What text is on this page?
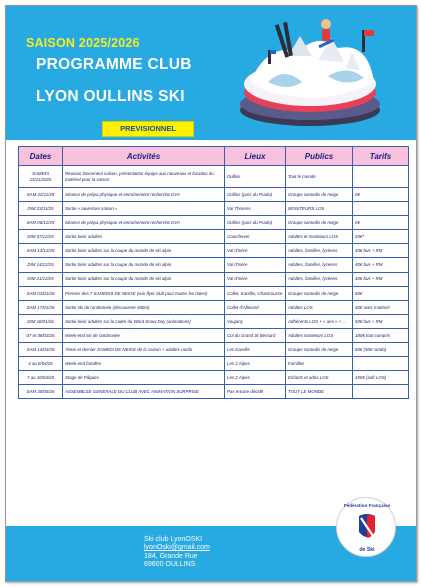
SAISON 2025/2026
PROGRAMME CLUB
LYON OULLINS SKI
PREVISIONNEL
Dates	Activités	Lieux	Publics	Tarifs
SAMEDI 15/11/2025	Réunion lancement saison, présentation équipe aux nouveaux et location du matériel pour la saison	Oullins	Tout le monde	
SAM 22/11/25	Séance de prépa physique et entraînement recherche DVA	Oullins (parc du Prado)	Groupe samedis de neige	0€
DIM 23/11/25	Sortie « ouverture saison »	Val Thorens	MONITEURS LOS	
SAM 06/12/25	Séance de prépa physique et entraînement recherche DVA	Oullins (parc du Prado)	Groupe samedis de neige	0€
DIM 07/12/25	Sortie loisir adultes	Courchevel	Adultes et moniteurs LOS	20€*
SAM 13/12/25	Sortie loisir adultes sur la coupe du monde de ski alpin	Val d'Isère	Adultes, familles, lycéens	40€ bus + RM
DIM 14/12/25	Sortie loisir adultes sur la coupe du monde de ski alpin	Val d'Isère	Adultes, familles, lycéens	40€ bus + RM
DIM 21/12/25	Sortie loisir adultes sur la coupe du monde de ski alpin	Val d'Isère	Adultes, familles, lycéens	40€ bus + RM
SAM 03/01/26	Premier des 7 SAMEDIS DE NEIGE (voir flyer club pour toutes les dates)	Collet, Karellis, Chamrousse	Groupe samedis de neige	60€
SAM 17/01/26	Sortie ski de randonnée (découverte 400m)	Collet d'Allevard	Adultes LOS	50€ avec matériel
DIM 18/01/26	Sortie loisir adultes sur le cadre du Word Snow Day (animations)	Vaujany	Adhérents LOS + « ami » + ...	50€ bus + RM
07 et 08/03/26	Week-end ski de randonnée	Col du Grand St Bernard	Adultes moniteurs LOS	180€ tout compris
SAM 14/03/26	7ème et dernier SAMEDI DE NEIGE de la saison + adultes rando	Les Karellis	Groupe samedis de neige	60€ (50€ rando)
4 au 6/04/26	Week-end familles	Les 2 Alpes	Familles	
7 au 10/04/26	Stage de Pâques	Les 2 Alpes	Enfants et ados LOS	450€ (sofr LOS)
SAM 30/05/26	ASSEMBLEE GENERALE DU CLUB AVEC ANIMATION SURPRISE	Pas encore décidé	TOUT LE MONDE	
Ski club LyonOSKI
lyonOski@gmail.com
184, Grande Rue
69600 OULLINS
Fédération Française
de Ski
